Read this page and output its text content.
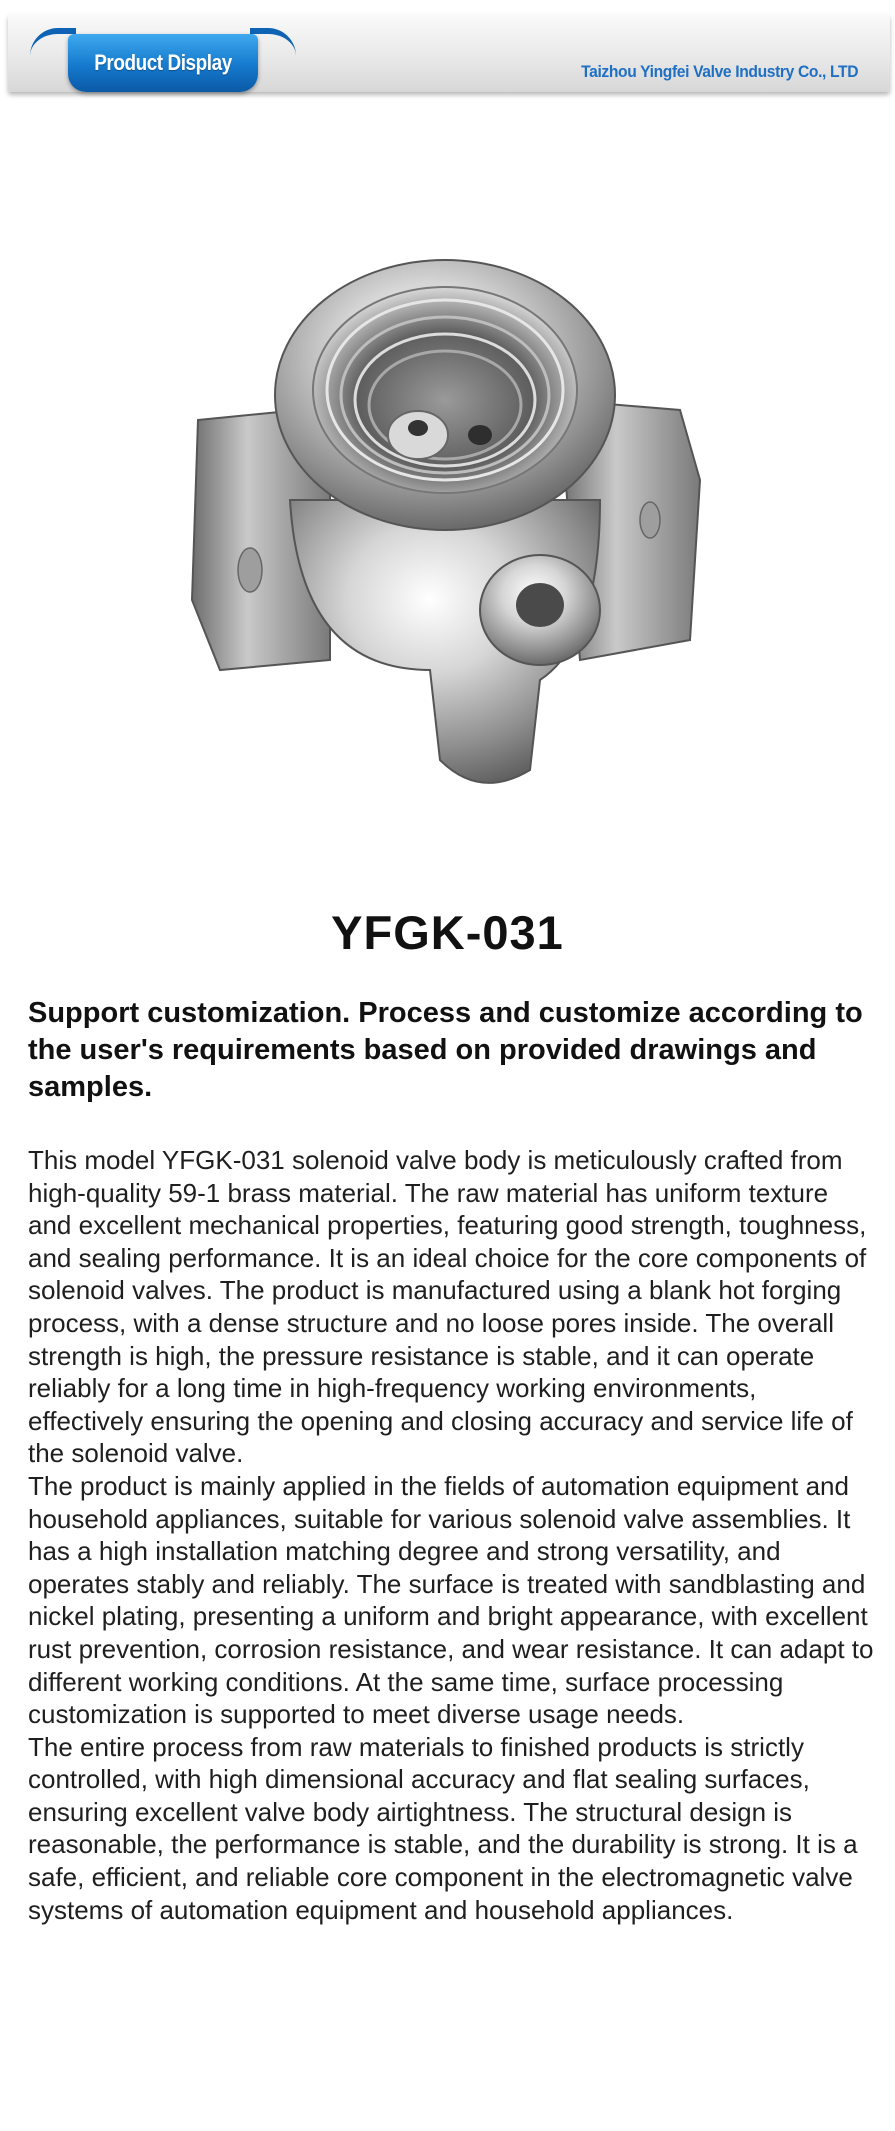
Product Display	Taizhou Yingfei Valve Industry Co., LTD
YFGK-031
Support customization. Process and customize according to the user's requirements based on provided drawings and samples.

This model YFGK-031 solenoid valve body is meticulously crafted from high-quality 59-1 brass material. The raw material has uniform texture and excellent mechanical properties, featuring good strength, toughness, and sealing performance. It is an ideal choice for the core components of solenoid valves. The product is manufactured using a blank hot forging process, with a dense structure and no loose pores inside. The overall strength is high, the pressure resistance is stable, and it can operate reliably for a long time in high-frequency working environments, effectively ensuring the opening and closing accuracy and service life of the solenoid valve.

The product is mainly applied in the fields of automation equipment and household appliances, suitable for various solenoid valve assemblies. It has a high installation matching degree and strong versatility, and operates stably and reliably. The surface is treated with sandblasting and nickel plating, presenting a uniform and bright appearance, with excellent rust prevention, corrosion resistance, and wear resistance. It can adapt to different working conditions. At the same time, surface processing customization is supported to meet diverse usage needs.

The entire process from raw materials to finished products is strictly controlled, with high dimensional accuracy and flat sealing surfaces, ensuring excellent valve body airtightness. The structural design is reasonable, the performance is stable, and the durability is strong. It is a safe, efficient, and reliable core component in the electromagnetic valve systems of automation equipment and household appliances.
